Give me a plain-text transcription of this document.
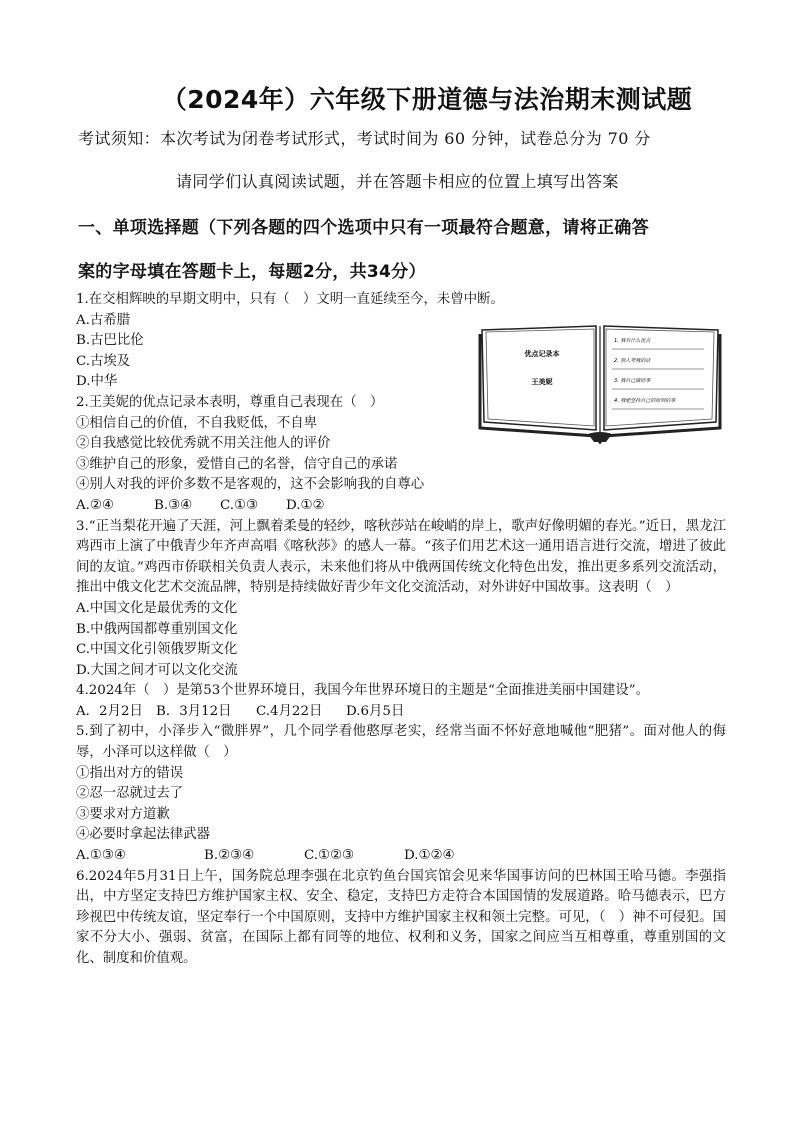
（2024年）六年级下册道德与法治期末测试题
考试须知：本次考试为闭卷考试形式，考试时间为 60 分钟，试卷总分为 70 分
请同学们认真阅读试题，并在答题卡相应的位置上填写出答案
一、单项选择题（下列各题的四个选项中只有一项最符合题意，请将正确答
案的字母填在答题卡上，每题2分，共34分）
优点记录本
王美妮
1. 我有什么优点
2. 别人夸我的话
3. 我自己做的事
4. 我能坚持自己的原则的事
1.在交相辉映的早期文明中，只有（　）文明一直延续至今，未曾中断。
A.古希腊
B.古巴比伦
C.古埃及
D.中华
2.王美妮的优点记录本表明，尊重自己表现在（　）
①相信自己的价值，不自我贬低，不自卑
②自我感觉比较优秀就不用关注他人的评价
③维护自己的形象，爱惜自己的名誉，信守自己的承诺
④别人对我的评价多数不是客观的，这不会影响我的自尊心
A.②④	B.③④ C.①③ D.①②
3.“正当梨花开遍了天涯，河上飘着柔曼的轻纱，喀秋莎站在峻峭的岸上，歌声好像明媚的春光。”近日，黑龙江鸡西市上演了中俄青少年齐声高唱《喀秋莎》的感人一幕。“孩子们用艺术这一通用语言进行交流，增进了彼此间的友谊。”鸡西市侨联相关负责人表示，未来他们将从中俄两国传统文化特色出发，推出更多系列交流活动，推出中俄文化艺术交流品牌，特别是持续做好青少年文化交流活动，对外讲好中国故事。这表明（　）
A.中国文化是最优秀的文化
B.中俄两国都尊重别国文化
C.中国文化引领俄罗斯文化
D.大国之间才可以文化交流
4.2024年（　）是第53个世界环境日，我国今年世界环境日的主题是“全面推进美丽中国建设”。
A．2月2日 B．3月12日 C.4月22日 D.6月5日
5.到了初中，小泽步入“微胖界”，几个同学看他憨厚老实，经常当面不怀好意地喊他“肥猪”。面对他人的侮辱，小泽可以这样做（　）
①指出对方的错误
②忍一忍就过去了
③要求对方道歉
④必要时拿起法律武器
A.①③④	B.②③④	C.①②③	D.①②④
6.2024年5月31日上午，国务院总理李强在北京钓鱼台国宾馆会见来华国事访问的巴林国王哈马德。李强指出，中方坚定支持巴方维护国家主权、安全、稳定，支持巴方走符合本国国情的发展道路。哈马德表示，巴方珍视巴中传统友谊，坚定奉行一个中国原则，支持中方维护国家主权和领土完整。可见，（　）神不可侵犯。国家不分大小、强弱、贫富，在国际上都有同等的地位、权利和义务，国家之间应当互相尊重，尊重别国的文化、制度和价值观。
